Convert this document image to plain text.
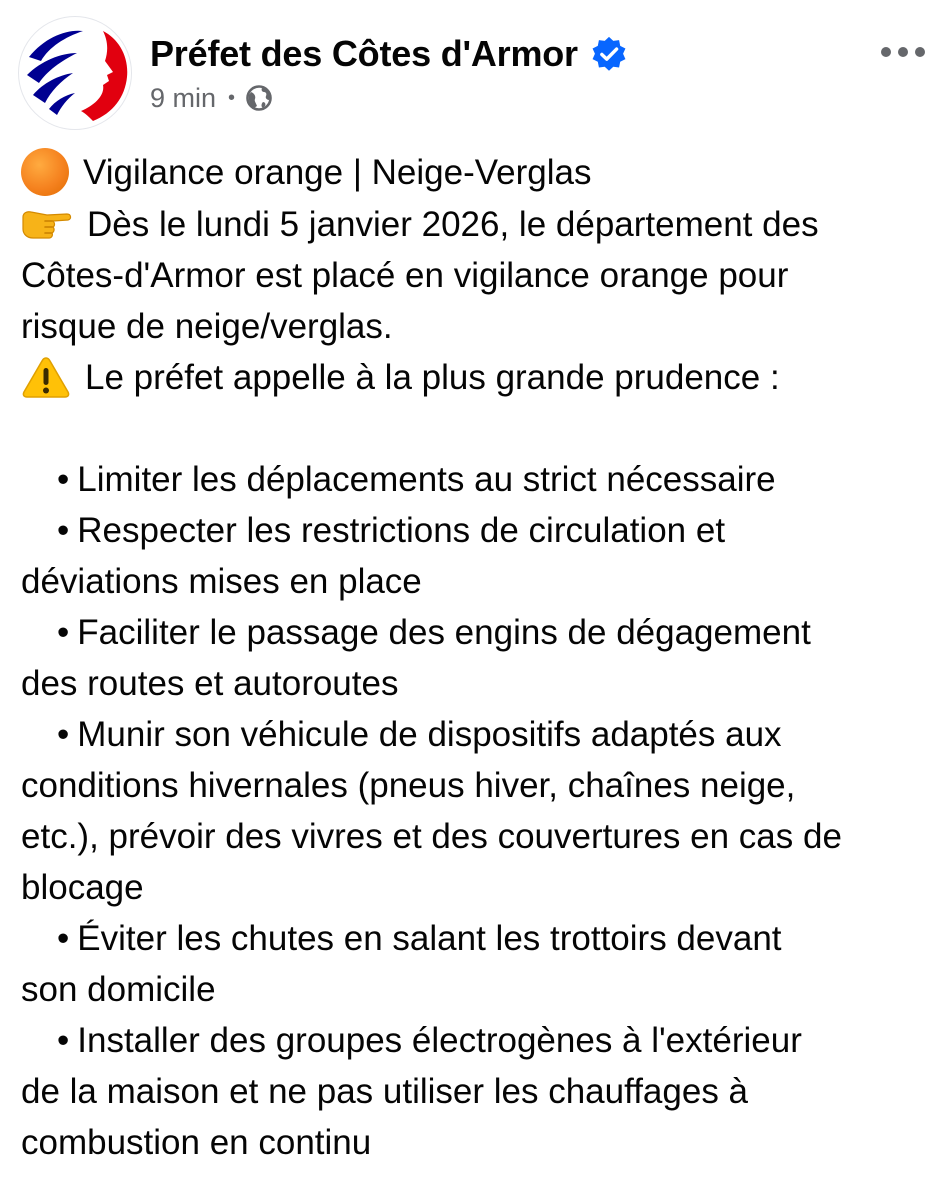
Préfet des Côtes d'Armor
9 min •
Vigilance orange | Neige-Verglas
Dès le lundi 5 janvier 2026, le département des
Côtes-d'Armor est placé en vigilance orange pour
risque de neige/verglas.
Le préfet appelle à la plus grande prudence :
• Limiter les déplacements au strict nécessaire
• Respecter les restrictions de circulation et
déviations mises en place
• Faciliter le passage des engins de dégagement
des routes et autoroutes
• Munir son véhicule de dispositifs adaptés aux
conditions hivernales (pneus hiver, chaînes neige,
etc.), prévoir des vivres et des couvertures en cas de
blocage
• Éviter les chutes en salant les trottoirs devant
son domicile
• Installer des groupes électrogènes à l'extérieur
de la maison et ne pas utiliser les chauffages à
combustion en continu
